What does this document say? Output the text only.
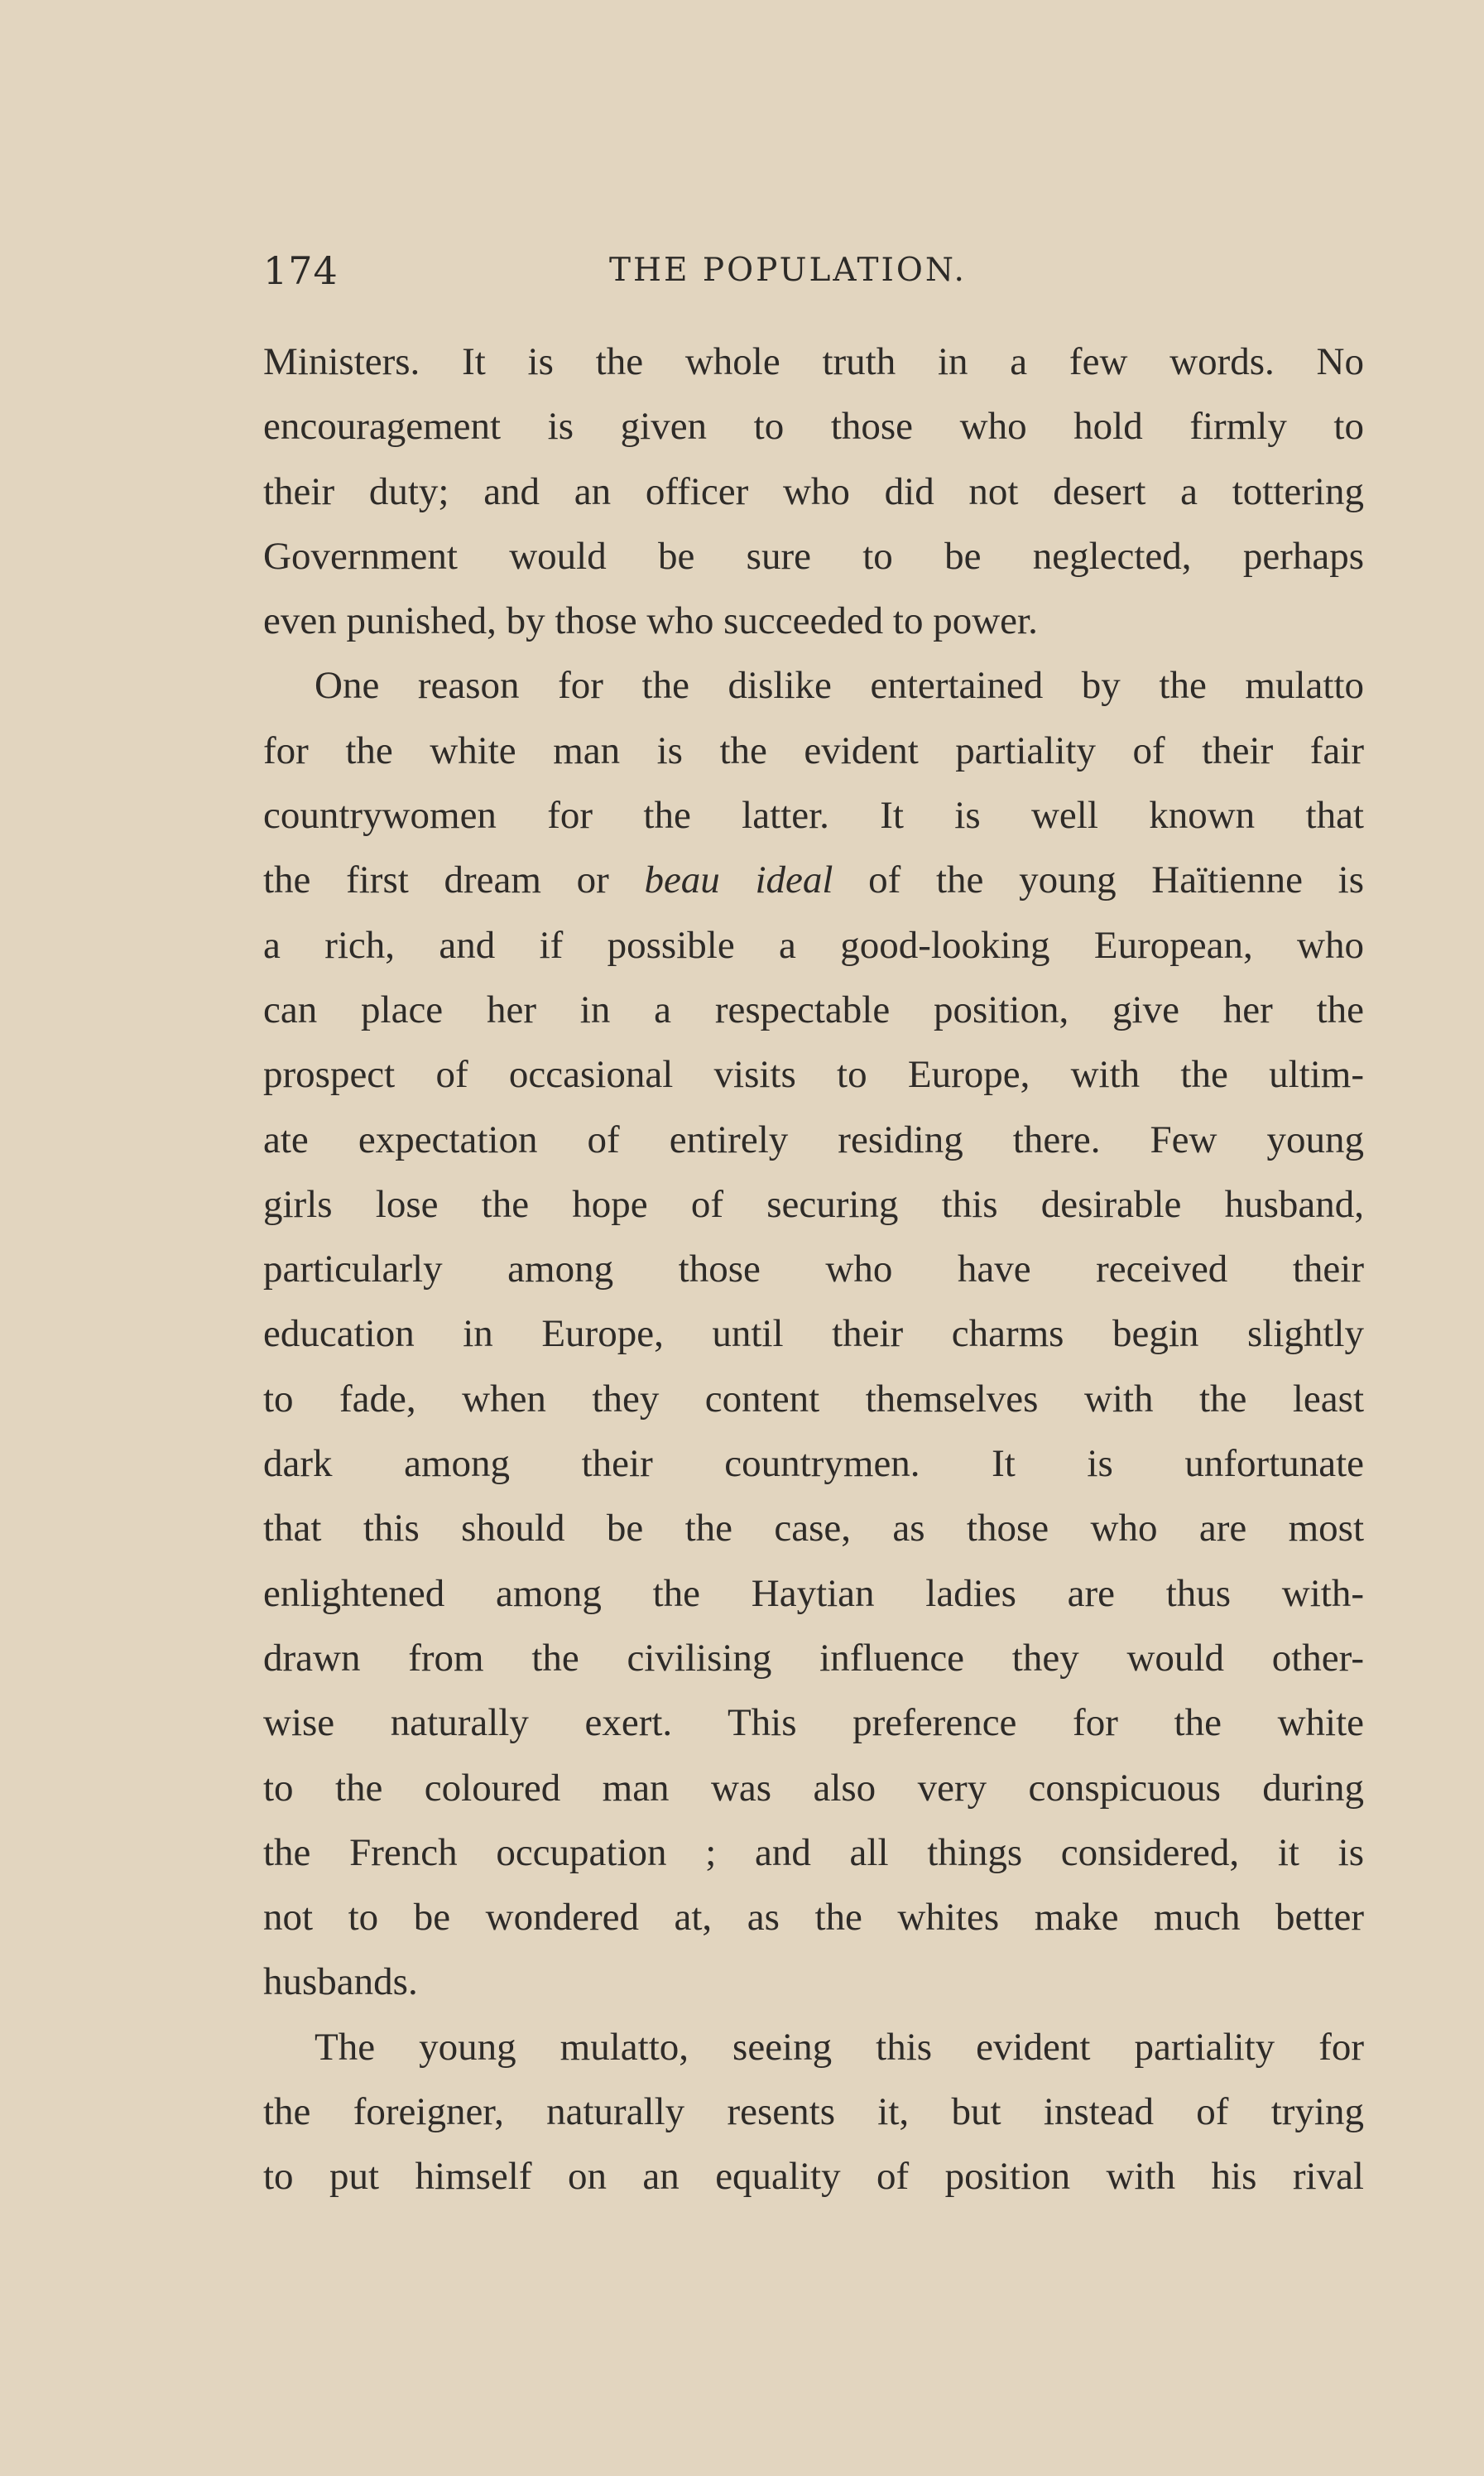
174	THE POPULATION.
Ministers. It is the whole truth in a few words. No
encouragement is given to those who hold firmly to
their duty; and an officer who did not desert a tottering
Government would be sure to be neglected, perhaps
even punished, by those who succeeded to power.
One reason for the dislike entertained by the mulatto
for the white man is the evident partiality of their fair
countrywomen for the latter. It is well known that
the first dream or beau ideal of the young Haïtienne is
a rich, and if possible a good-looking European, who
can place her in a respectable position, give her the
prospect of occasional visits to Europe, with the ultim-
ate expectation of entirely residing there. Few young
girls lose the hope of securing this desirable husband,
particularly among those who have received their
education in Europe, until their charms begin slightly
to fade, when they content themselves with the least
dark among their countrymen. It is unfortunate
that this should be the case, as those who are most
enlightened among the Haytian ladies are thus with-
drawn from the civilising influence they would other-
wise naturally exert. This preference for the white
to the coloured man was also very conspicuous during
the French occupation ; and all things considered, it is
not to be wondered at, as the whites make much better
husbands.
The young mulatto, seeing this evident partiality for
the foreigner, naturally resents it, but instead of trying
to put himself on an equality of position with his rival
